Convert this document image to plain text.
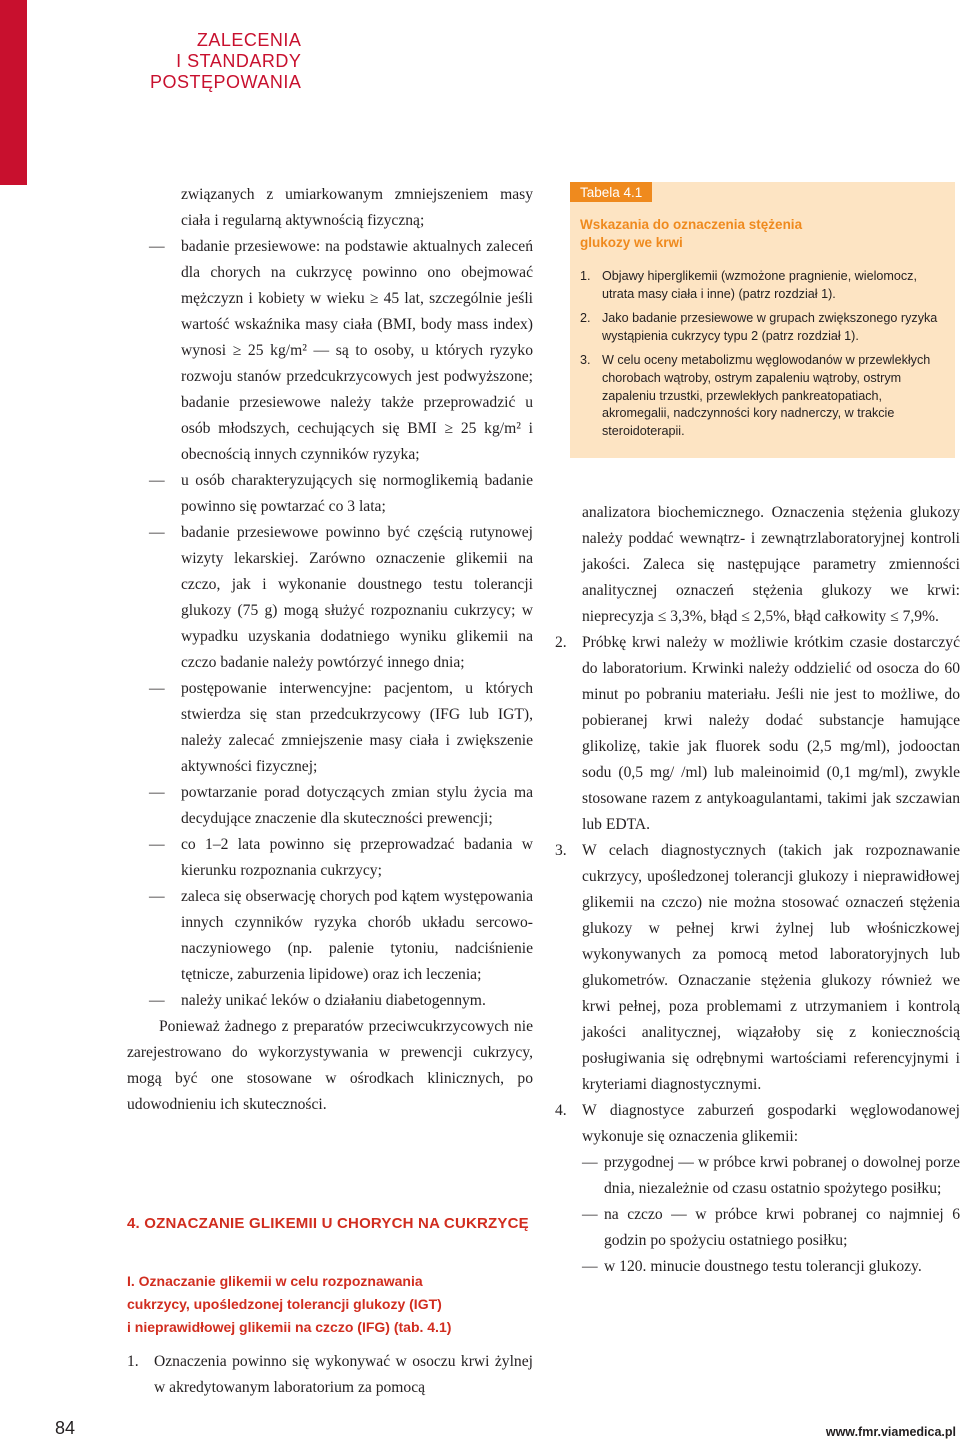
ZALECENIA
I STANDARDY
POSTĘPOWANIA

związanych z umiarkowanym zmniejszeniem masy ciała i regularną aktywnością fizyczną;

— badanie przesiewowe: na podstawie aktualnych zaleceń dla chorych na cukrzycę powinno ono obejmować mężczyzn i kobiety w wieku ≥ 45 lat, szczególnie jeśli wartość wskaźnika masy ciała (BMI, body mass index) wynosi ≥ 25 kg/m² — są to osoby, u których ryzyko rozwoju stanów przedcukrzycowych jest podwyższone; badanie przesiewowe należy także przeprowadzić u osób młodszych, cechujących się BMI ≥ 25 kg/m² i obecnością innych czynników ryzyka;

— u osób charakteryzujących się normoglikemią badanie powinno się powtarzać co 3 lata;

— badanie przesiewowe powinno być częścią rutynowej wizyty lekarskiej. Zarówno oznaczenie glikemii na czczo, jak i wykonanie doustnego testu tolerancji glukozy (75 g) mogą służyć rozpoznaniu cukrzycy; w wypadku uzyskania dodatniego wyniku glikemii na czczo badanie należy powtórzyć innego dnia;

— postępowanie interwencyjne: pacjentom, u których stwierdza się stan przedcukrzycowy (IFG lub IGT), należy zalecać zmniejszenie masy ciała i zwiększenie aktywności fizycznej;

— powtarzanie porad dotyczących zmian stylu życia ma decydujące znaczenie dla skuteczności prewencji;

— co 1–2 lata powinno się przeprowadzać badania w kierunku rozpoznania cukrzycy;

— zaleca się obserwację chorych pod kątem występowania innych czynników ryzyka chorób układu sercowo-naczyniowego (np. palenie tytoniu, nadciśnienie tętnicze, zaburzenia lipidowe) oraz ich leczenia;

— należy unikać leków o działaniu diabetogennym.

Ponieważ żadnego z preparatów przeciwcukrzycowych nie zarejestrowano do wykorzystywania w prewencji cukrzycy, mogą być one stosowane w ośrodkach klinicznych, po udowodnieniu ich skuteczności.

4. OZNACZANIE GLIKEMII U CHORYCH NA CUKRZYCĘ
I. Oznaczanie glikemii w celu rozpoznawania
cukrzycy, upośledzonej tolerancji glukozy (IGT)
i nieprawidłowej glikemii na czczo (IFG) (tab. 4.1)

1. Oznaczenia powinno się wykonywać w osoczu krwi żylnej w akredytowanym laboratorium za pomocą

Tabela 4.1
Wskazania do oznaczenia stężenia
glukozy we krwi
1. Objawy hiperglikemii (wzmożone pragnienie, wielomocz, utrata masy ciała i inne) (patrz rozdział 1).
2. Jako badanie przesiewowe w grupach zwiększonego ryzyka wystąpienia cukrzycy typu 2 (patrz rozdział 1).
3. W celu oceny metabolizmu węglowodanów w przewlekłych chorobach wątroby, ostrym zapaleniu wątroby, ostrym zapaleniu trzustki, przewlekłych pankreatopatiach, akromegalii, nadczynności kory nadnerczy, w trakcie steroidoterapii.

analizatora biochemicznego. Oznaczenia stężenia glukozy należy poddać wewnątrz- i zewnątrzlaboratoryjnej kontroli jakości. Zaleca się następujące parametry zmienności analitycznej oznaczeń stężenia glukozy we krwi: nieprecyzja ≤ 3,3%, błąd ≤ 2,5%, błąd całkowity ≤ 7,9%.

2. Próbkę krwi należy w możliwie krótkim czasie dostarczyć do laboratorium. Krwinki należy oddzielić od osocza do 60 minut po pobraniu materiału. Jeśli nie jest to możliwe, do pobieranej krwi należy dodać substancje hamujące glikolizę, takie jak fluorek sodu (2,5 mg/ml), jodooctan sodu (0,5 mg/ /ml) lub maleinoimid (0,1 mg/ml), zwykle stosowane razem z antykoagulantami, takimi jak szczawian lub EDTA.

3. W celach diagnostycznych (takich jak rozpoznawanie cukrzycy, upośledzonej tolerancji glukozy i nieprawidłowej glikemii na czczo) nie można stosować oznaczeń stężenia glukozy w pełnej krwi żylnej lub włośniczkowej wykonywanych za pomocą metod laboratoryjnych lub glukometrów. Oznaczanie stężenia glukozy również we krwi pełnej, poza problemami z utrzymaniem i kontrolą jakości analitycznej, wiązałoby się z koniecznością posługiwania się odrębnymi wartościami referencyjnymi i kryteriami diagnostycznymi.

4. W diagnostyce zaburzeń gospodarki węglowodanowej wykonuje się oznaczenia glikemii:

— przygodnej — w próbce krwi pobranej o dowolnej porze dnia, niezależnie od czasu ostatnio spożytego posiłku;

— na czczo — w próbce krwi pobranej co najmniej 6 godzin po spożyciu ostatniego posiłku;

— w 120. minucie doustnego testu tolerancji glukozy.

84	www.fmr.viamedica.pl
